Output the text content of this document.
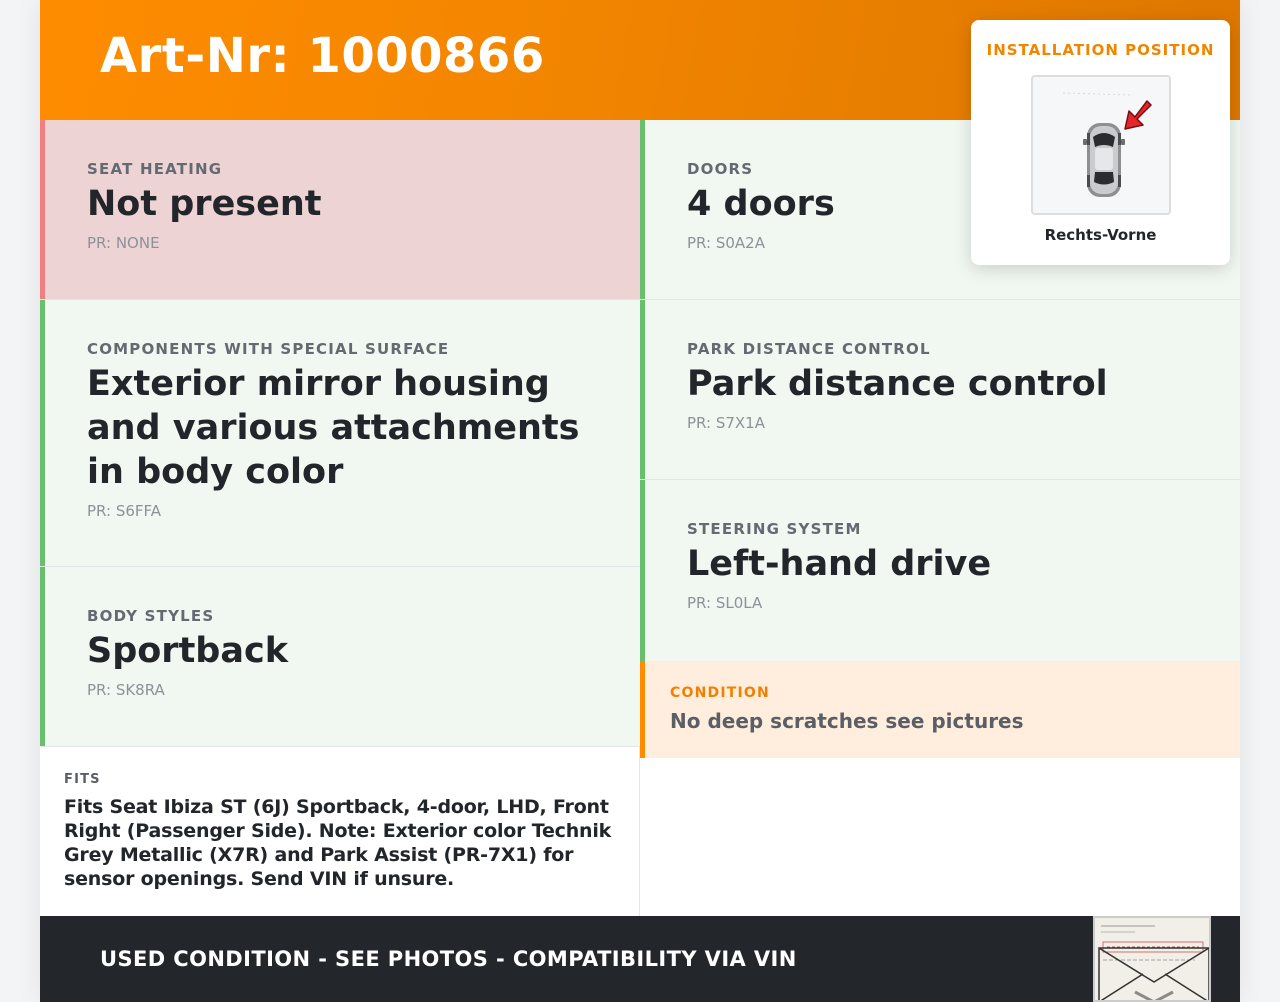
Art-Nr: 1000866
SEAT HEATING
Not present
PR: NONE
DOORS
4 doors
PR: S0A2A
COMPONENTS WITH SPECIAL SURFACE
Exterior mirror housing and various attachments in body color
PR: S6FFA
PARK DISTANCE CONTROL
Park distance control
PR: S7X1A
BODY STYLES
Sportback
PR: SK8RA
STEERING SYSTEM
Left-hand drive
PR: SL0LA
CONDITION
No deep scratches see pictures
FITS
Fits Seat Ibiza ST (6J) Sportback, 4-door, LHD, Front Right (Passenger Side). Note: Exterior color Technik Grey Metallic (X7R) and Park Assist (PR-7X1) for sensor openings. Send VIN if unsure.
USED CONDITION - SEE PHOTOS - COMPATIBILITY VIA VIN
INSTALLATION POSITION
Rechts-Vorne
